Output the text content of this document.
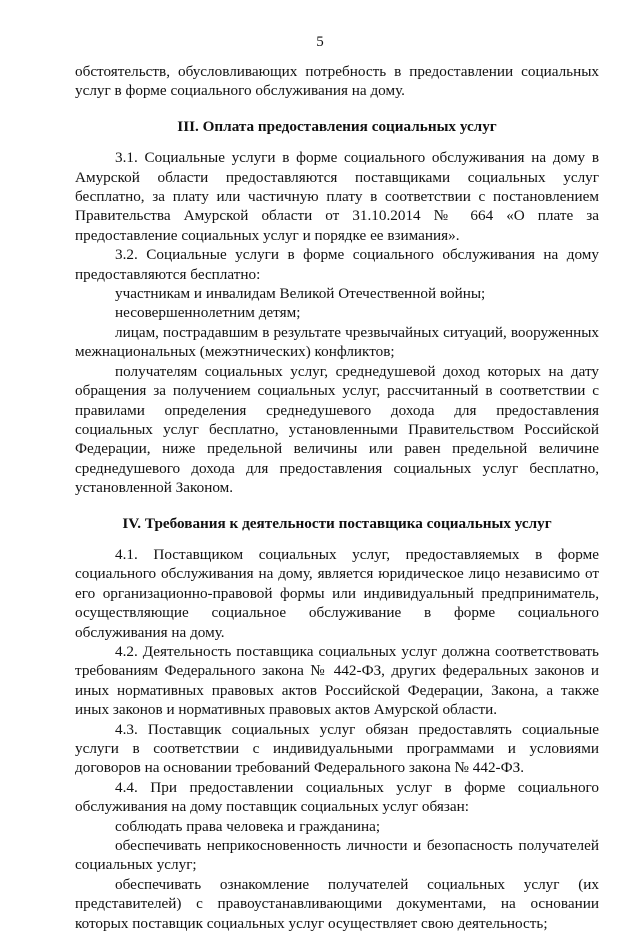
5

обстоятельств, обусловливающих потребность в предоставлении социальных услуг в форме социального обслуживания на дому.

III. Оплата предоставления социальных услуг

3.1. Социальные услуги в форме социального обслуживания на дому в Амурской области предоставляются поставщиками социальных услуг бесплатно, за плату или частичную плату в соответствии с постановлением Правительства Амурской области от 31.10.2014 № 664 «О плате за предоставление социальных услуг и порядке ее взимания».

3.2. Социальные услуги в форме социального обслуживания на дому предоставляются бесплатно:

участникам и инвалидам Великой Отечественной войны;

несовершеннолетним детям;

лицам, пострадавшим в результате чрезвычайных ситуаций, вооруженных межнациональных (межэтнических) конфликтов;

получателям социальных услуг, среднедушевой доход которых на дату обращения за получением социальных услуг, рассчитанный в соответствии с правилами определения среднедушевого дохода для предоставления социальных услуг бесплатно, установленными Правительством Российской Федерации, ниже предельной величины или равен предельной величине среднедушевого дохода для предоставления социальных услуг бесплатно, установленной Законом.

IV. Требования к деятельности поставщика социальных услуг

4.1. Поставщиком социальных услуг, предоставляемых в форме социального обслуживания на дому, является юридическое лицо независимо от его организационно-правовой формы или индивидуальный предприниматель, осуществляющие социальное обслуживание в форме социального обслуживания на дому.

4.2. Деятельность поставщика социальных услуг должна соответствовать требованиям Федерального закона № 442-ФЗ, других федеральных законов и иных нормативных правовых актов Российской Федерации, Закона, а также иных законов и нормативных правовых актов Амурской области.

4.3. Поставщик социальных услуг обязан предоставлять социальные услуги в соответствии с индивидуальными программами и условиями договоров на основании требований Федерального закона № 442-ФЗ.

4.4. При предоставлении социальных услуг в форме социального обслуживания на дому поставщик социальных услуг обязан:

соблюдать права человека и гражданина;

обеспечивать неприкосновенность личности и безопасность получателей социальных услуг;

обеспечивать ознакомление получателей социальных услуг (их представителей) с правоустанавливающими документами, на основании которых поставщик социальных услуг осуществляет свою деятельность;
